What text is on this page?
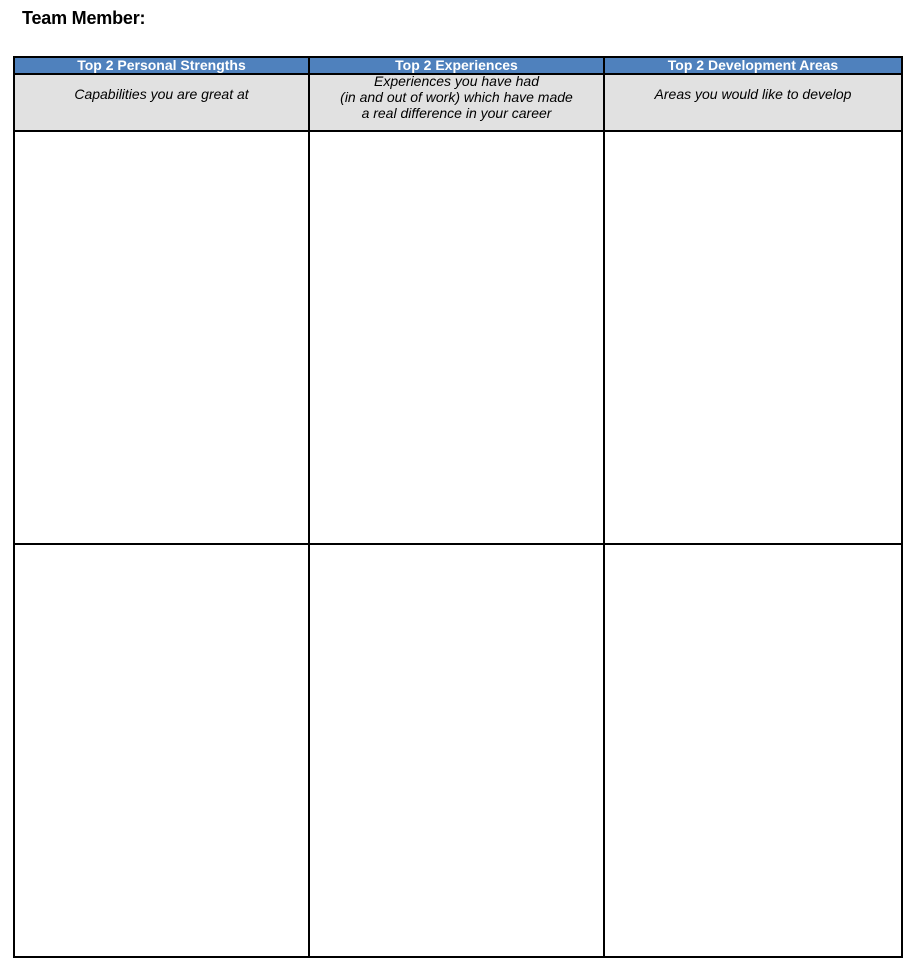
Team Member:
Top 2 Personal Strengths	Top 2 Experiences	Top 2 Development Areas

Capabilities you are great at	Experiences you have had
(in and out of work) which have made
a real difference in your career	Areas you would like to develop
